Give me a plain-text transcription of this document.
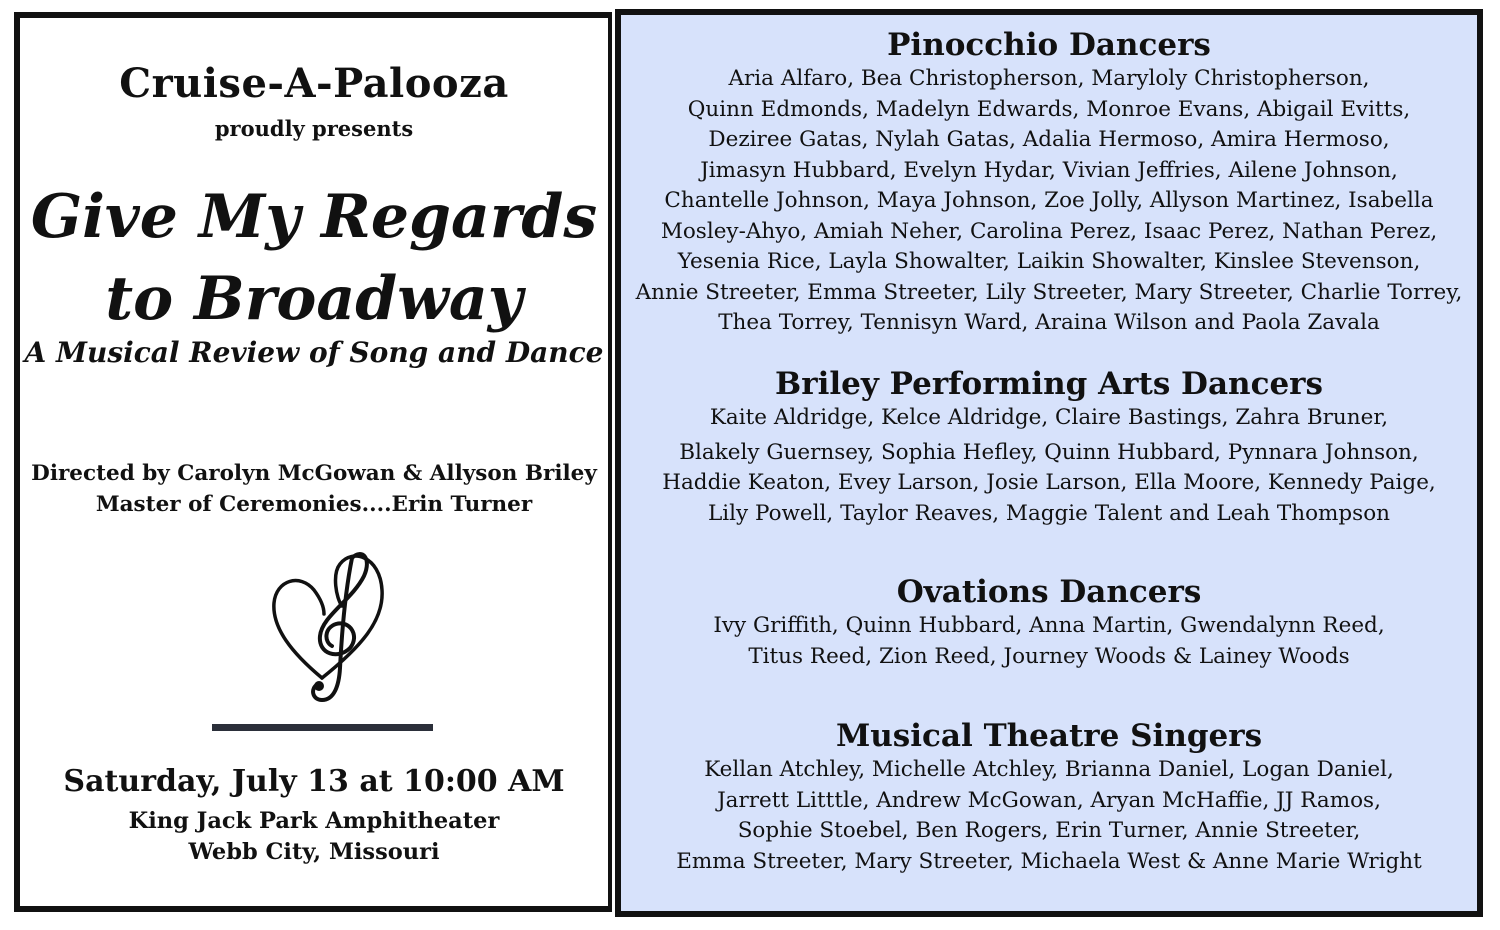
Cruise-A-Palooza

proudly presents

Give My Regards
to Broadway

A Musical Review of Song and Dance

Directed by Carolyn McGowan & Allyson Briley
Master of Ceremonies....Erin Turner

Saturday, July 13 at 10:00 AM

King Jack Park Amphitheater
Webb City, Missouri

Pinocchio Dancers

Aria Alfaro, Bea Christopherson, Maryloly Christopherson,

Quinn Edmonds, Madelyn Edwards, Monroe Evans, Abigail Evitts,

Deziree Gatas, Nylah Gatas, Adalia Hermoso, Amira Hermoso,

Jimasyn Hubbard, Evelyn Hydar, Vivian Jeffries, Ailene Johnson,

Chantelle Johnson, Maya Johnson, Zoe Jolly, Allyson Martinez, Isabella

Mosley-Ahyo, Amiah Neher, Carolina Perez, Isaac Perez, Nathan Perez,

Yesenia Rice, Layla Showalter, Laikin Showalter, Kinslee Stevenson,

Annie Streeter, Emma Streeter, Lily Streeter, Mary Streeter, Charlie Torrey,

Thea Torrey, Tennisyn Ward, Araina Wilson and Paola Zavala

Briley Performing Arts Dancers

Kaite Aldridge, Kelce Aldridge, Claire Bastings, Zahra Bruner,

Blakely Guernsey, Sophia Hefley, Quinn Hubbard, Pynnara Johnson,

Haddie Keaton, Evey Larson, Josie Larson, Ella Moore, Kennedy Paige,

Lily Powell, Taylor Reaves, Maggie Talent and Leah Thompson

Ovations Dancers

Ivy Griffith, Quinn Hubbard, Anna Martin, Gwendalynn Reed,

Titus Reed, Zion Reed, Journey Woods & Lainey Woods

Musical Theatre Singers

Kellan Atchley, Michelle Atchley, Brianna Daniel, Logan Daniel,

Jarrett Litttle, Andrew McGowan, Aryan McHaffie, JJ Ramos,

Sophie Stoebel, Ben Rogers, Erin Turner, Annie Streeter,

Emma Streeter, Mary Streeter, Michaela West & Anne Marie Wright
